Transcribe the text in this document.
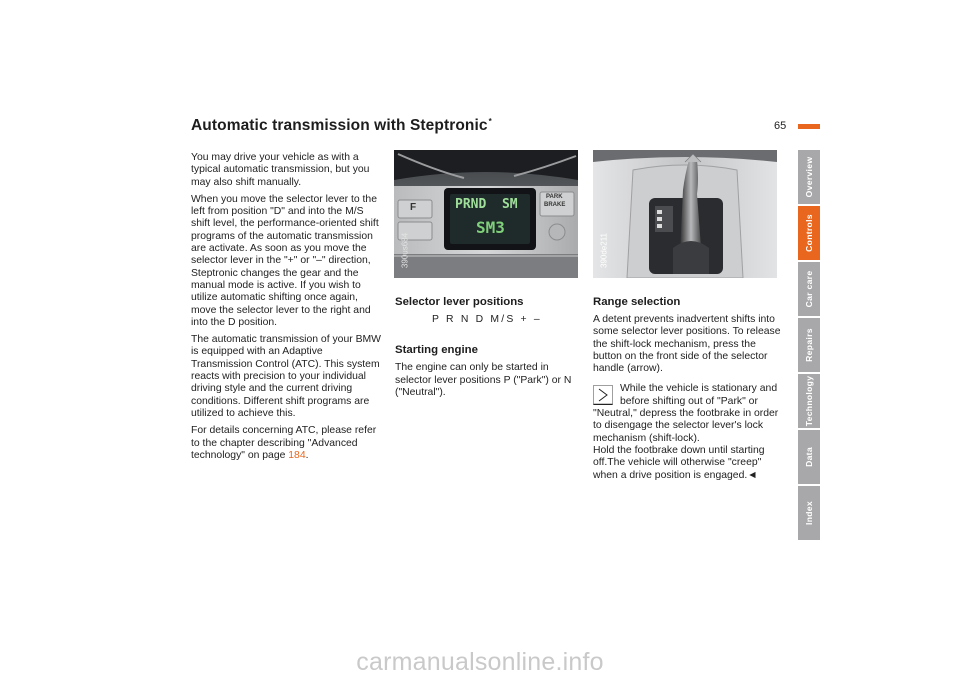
Automatic transmission with Steptronic*	65

You may drive your vehicle as with a typical automatic transmission, but you may also shift manually.

When you move the selector lever to the left from position "D" and into the M/S shift level, the performance-oriented shift programs of the automatic transmission are activate. As soon as you move the selector lever in the "+" or "–" direction, Steptronic changes the gear and the manual mode is active. If you wish to utilize automatic shifting once again, move the selector lever to the right and into the D position.

The automatic transmission of your BMW is equipped with an Adaptive Transmission Control (ATC). This system reacts with precision to your individual driving style and the current driving conditions. Different shift programs are utilized to achieve this.

For details concerning ATC, please refer to the chapter describing "Advanced technology" on page 184.

PRND  SM
SM3
F
PARK
BRAKE
390us684	390de211
Selector lever positions
P R N D M/S + –
Starting engine

The engine can only be started in selector lever positions P ("Park") or N ("Neutral").

Range selection

A detent prevents inadvertent shifts into some selector lever positions. To release the shift-lock mechanism, press the button on the front side of the selector handle (arrow).

While the vehicle is stationary and before shifting out of "Park" or
"Neutral," depress the footbrake in order to disengage the selector lever's lock mechanism (shift-lock).
Hold the footbrake down until starting off.The vehicle will otherwise "creep" when a drive position is engaged.◄
Overview
Controls
Car care
Repairs
Technology
Data
Index
carmanualsonline.info
